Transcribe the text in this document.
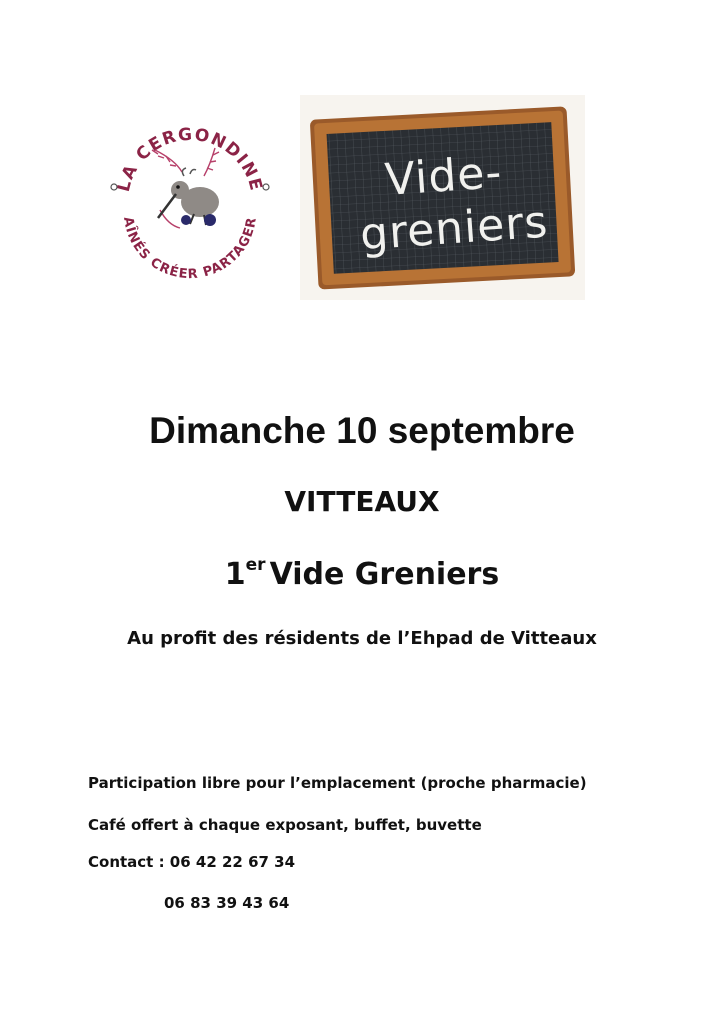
LA CERGONDINE
AÎNÉS CRÉER PARTAGER
Vide-
greniers
Dimanche 10 septembre
VITTEAUX
1er Vide Greniers
Au profit des résidents de l’Ehpad de Vitteaux
Participation libre pour l’emplacement (proche pharmacie)
Café offert à chaque exposant, buffet, buvette
Contact : 06 42 22 67 34
06 83 39 43 64
